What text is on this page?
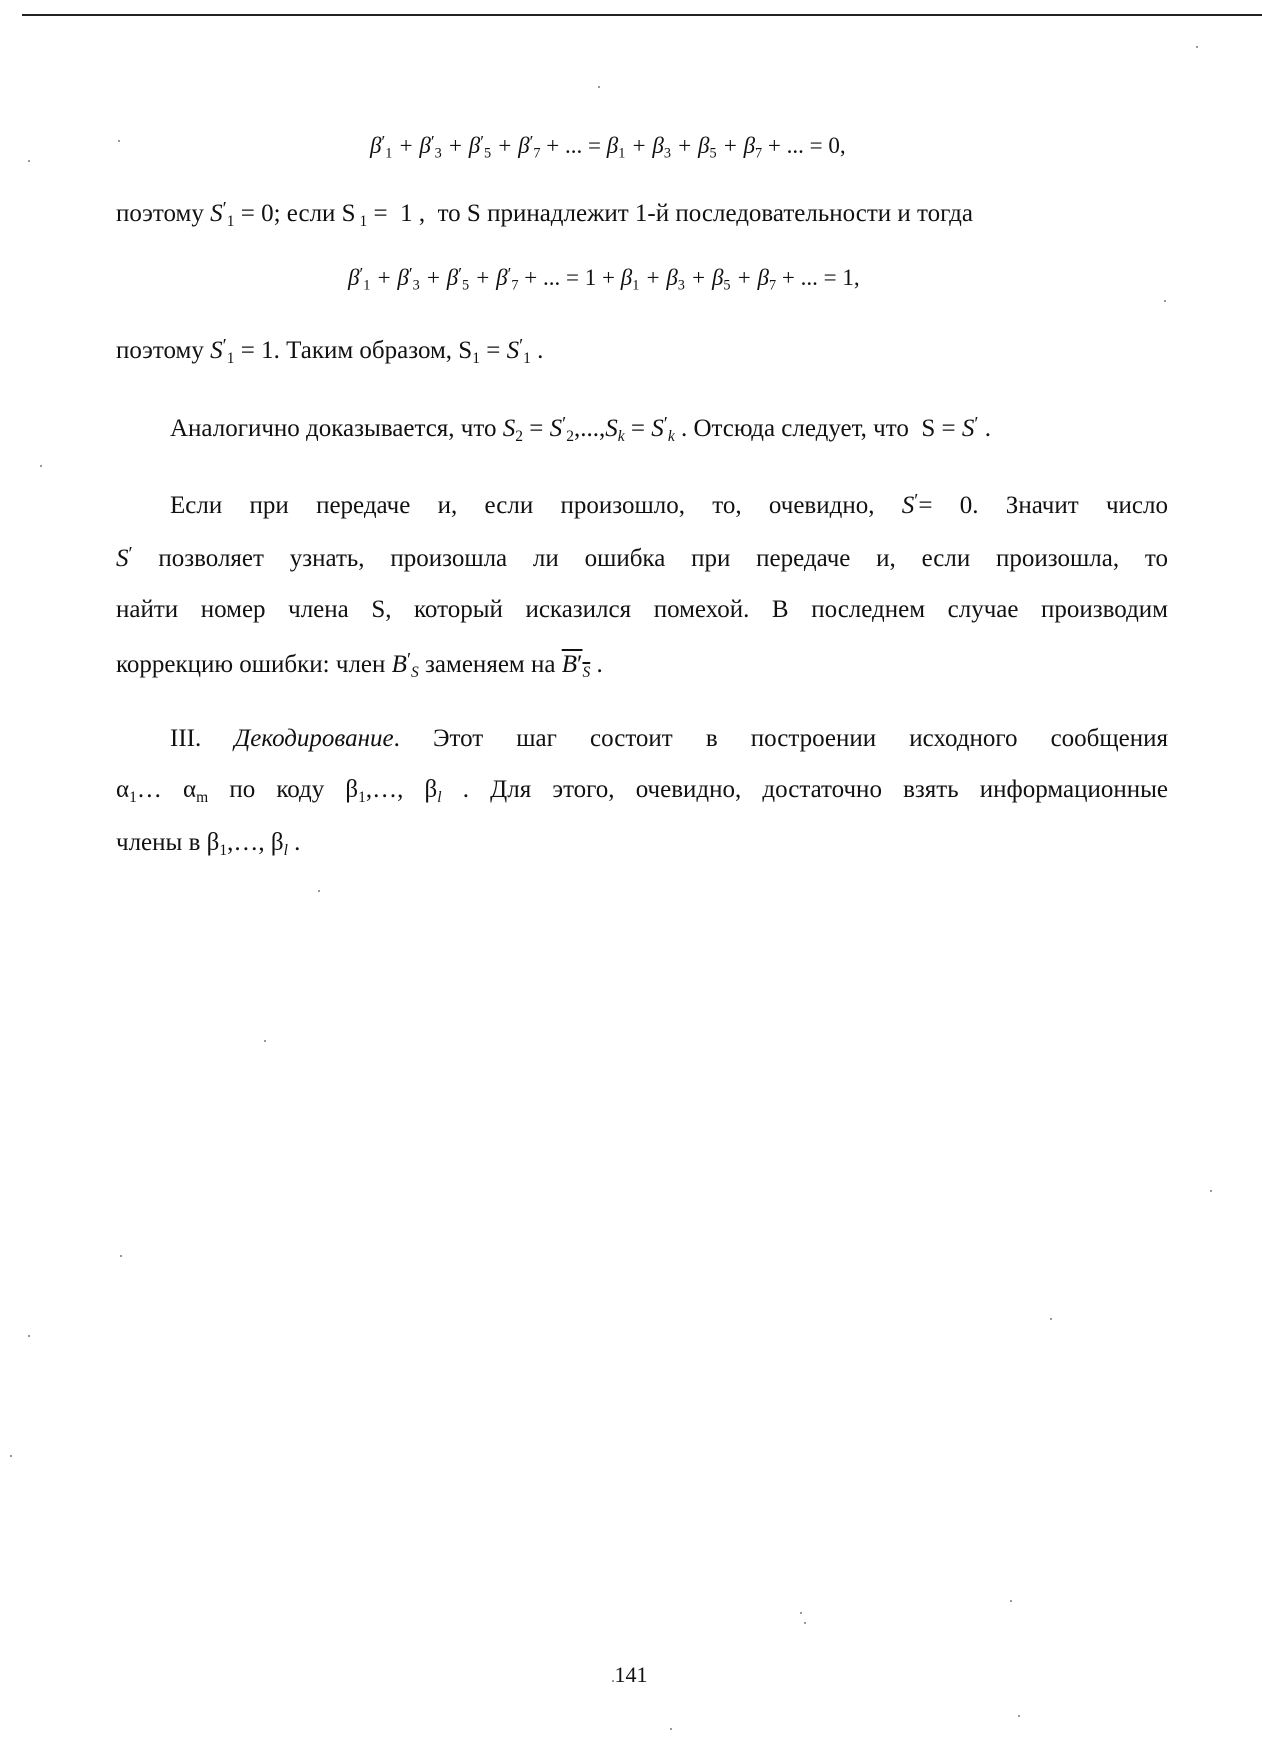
$\beta'_1 + \beta'_3 + \beta'_5 + \beta'_7$ + ... = $\beta_1 + \beta_3 + \beta_5 + \beta_7$ + ... = 0,
поэтому $S'_1 = 0$; если S $_1$ =  1 ,  то S принадлежит 1-й последовательности и тогда
$\beta'_1 + \beta'_3 + \beta'_5 + \beta'_7$ + ... = $1 + \beta_1 + \beta_3 + \beta_5 + \beta_7$ + ... = 1,
поэтому $S'_1 = 1$. Таким образом, $S_1 = S'_1$ .
Аналогично доказывается, что $S_2 = S'_2,...,S_k = S'_k$ . Отсюда следует, что  S = S′ .
Если при передаче и, если произошло, то, очевидно, S′= 0. Значит число
S′ позволяет узнать, произошла ли ошибка при передаче и, если произошла, то
найти номер члена S, который исказился помехой. В последнем случае производим
коррекцию ошибки: член $B'_S$ заменяем на $B'_S$ .
III. Декодирование. Этот шаг состоит в построении исходного сообщения
$\alpha_1\dots$ $\alpha_m$ по коду $\beta_1,\dots$, $\beta_l$ . Для этого, очевидно, достаточно взять информационные
члены в $\beta_1,\dots$, $\beta_l$ .
141
